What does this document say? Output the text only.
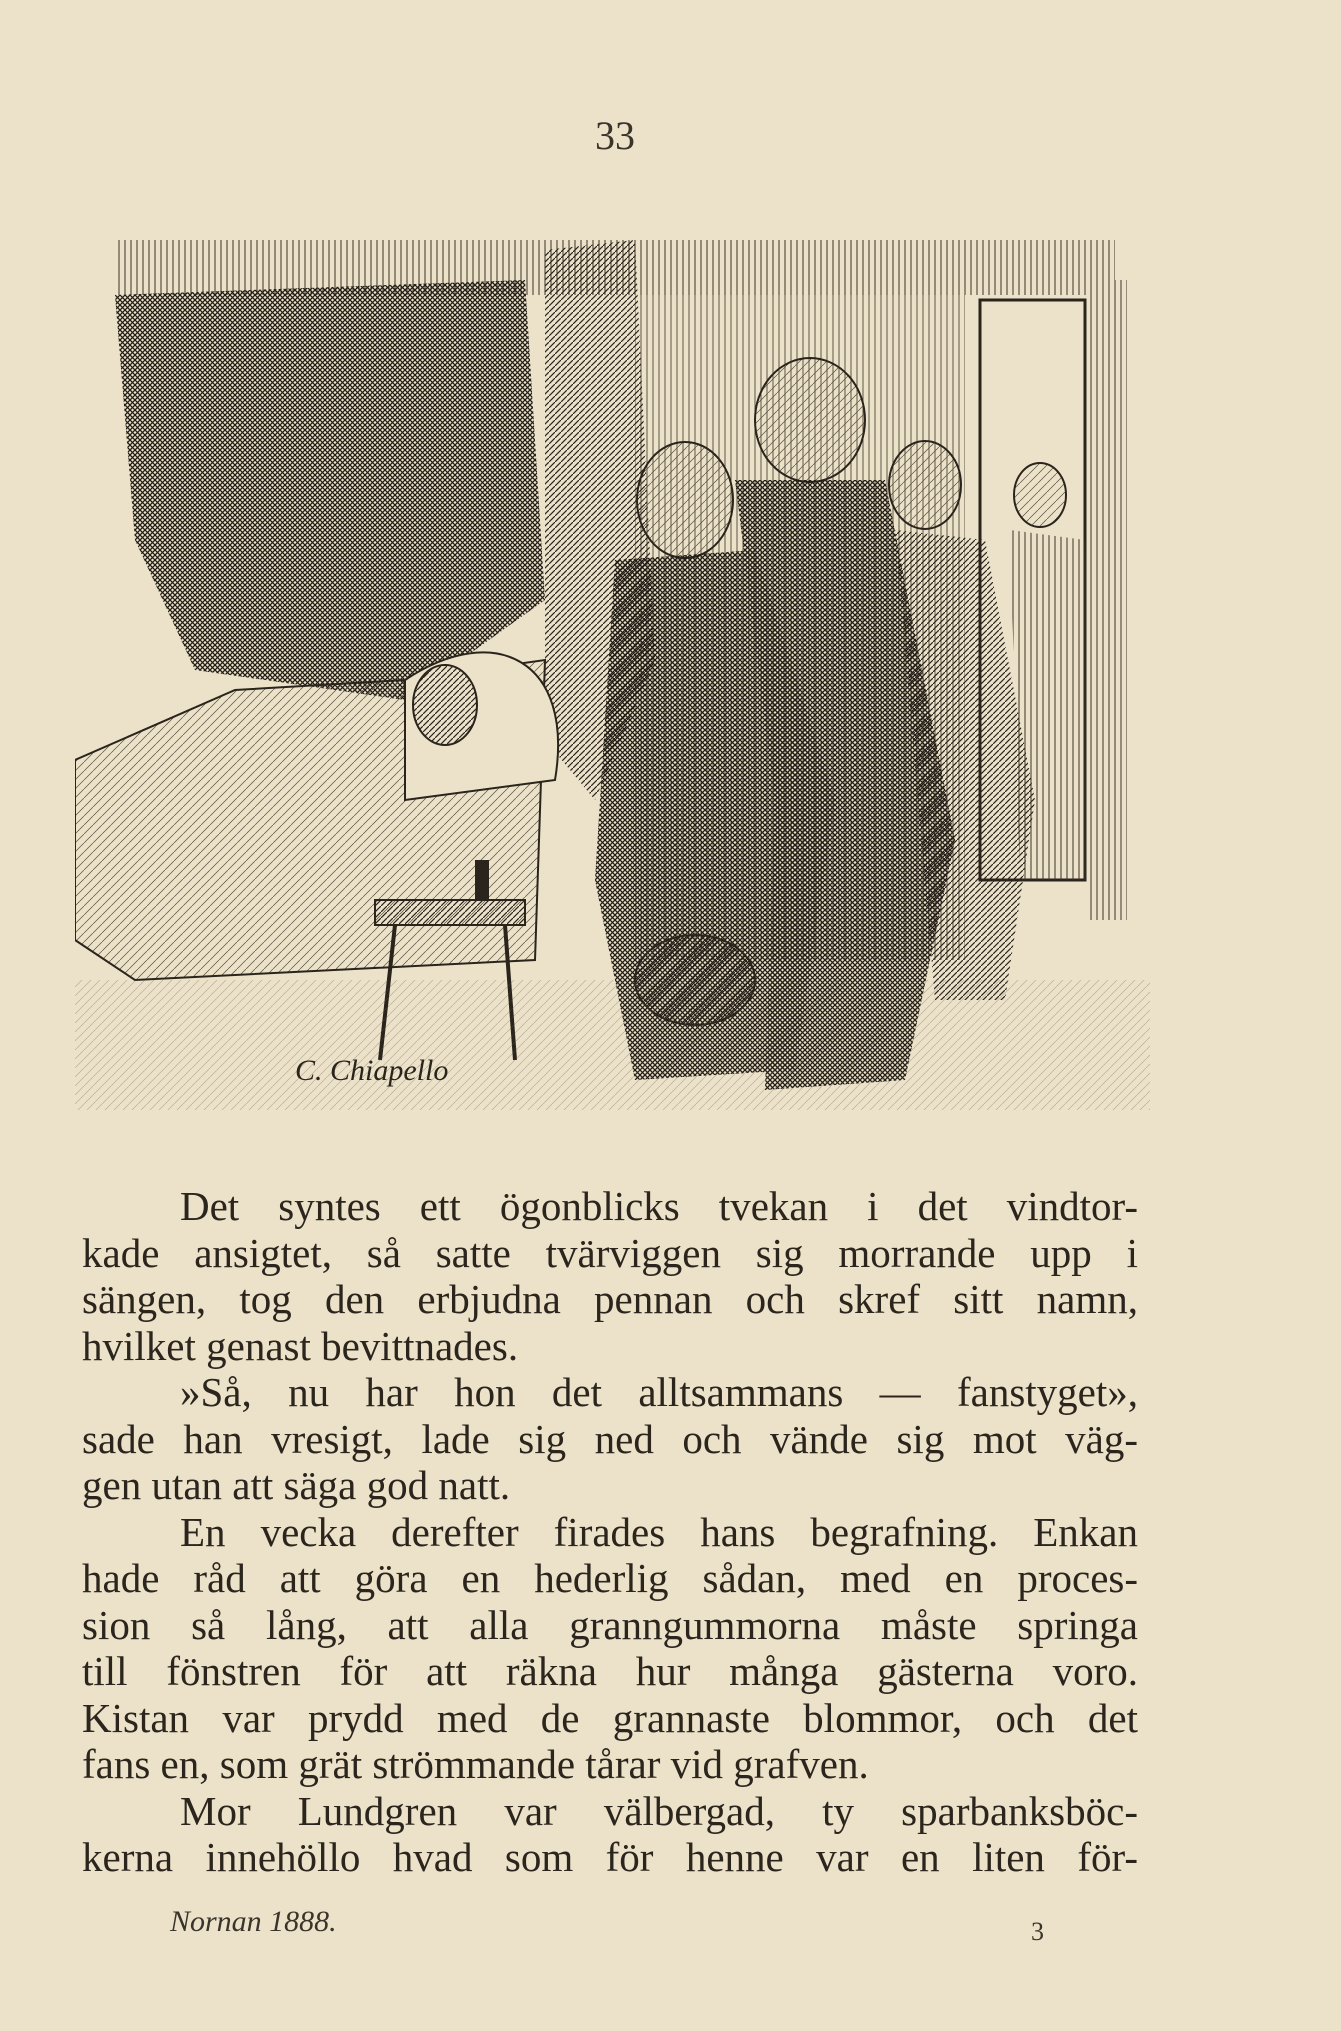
33
C. Chiapello
Det syntes ett ögonblicks tvekan i det vindtor-
kade ansigtet, så satte tvärviggen sig morrande upp i
sängen, tog den erbjudna pennan och skref sitt namn,
hvilket genast bevittnades.
»Så, nu har hon det alltsammans — fanstyget»,
sade han vresigt, lade sig ned och vände sig mot väg-
gen utan att säga god natt.
En vecka derefter firades hans begrafning. Enkan
hade råd att göra en hederlig sådan, med en proces-
sion så lång, att alla granngummorna måste springa
till fönstren för att räkna hur många gästerna voro.
Kistan var prydd med de grannaste blommor, och det
fans en, som grät strömmande tårar vid grafven.
Mor Lundgren var välbergad, ty sparbanksböc-
kerna innehöllo hvad som för henne var en liten för-
Nornan 1888.	3
